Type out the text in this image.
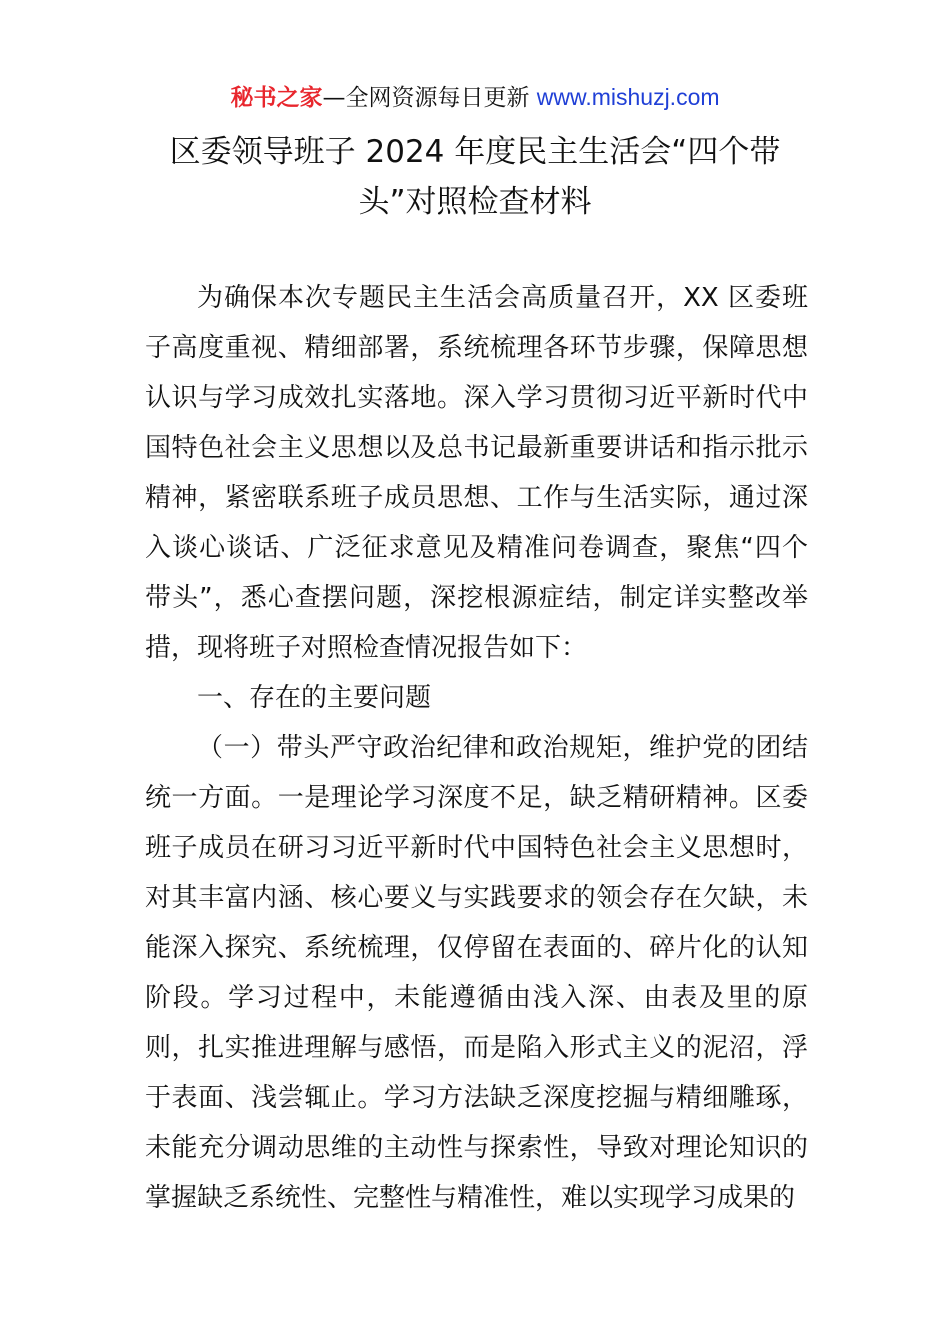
秘书之家—全网资源每日更新 www.mishuzj.com
区委领导班子 2024 年度民主生活会“四个带
头”对照检查材料

为确保本次专题民主生活会高质量召开，XX 区委班子高度重视、精细部署，系统梳理各环节步骤，保障思想认识与学习成效扎实落地。深入学习贯彻习近平新时代中国特色社会主义思想以及总书记最新重要讲话和指示批示精神，紧密联系班子成员思想、工作与生活实际，通过深入谈心谈话、广泛征求意见及精准问卷调查，聚焦“四个带头”，悉心查摆问题，深挖根源症结，制定详实整改举措，现将班子对照检查情况报告如下：

一、存在的主要问题

（一）带头严守政治纪律和政治规矩，维护党的团结统一方面。一是理论学习深度不足，缺乏精研精神。区委班子成员在研习习近平新时代中国特色社会主义思想时，对其丰富内涵、核心要义与实践要求的领会存在欠缺，未能深入探究、系统梳理，仅停留在表面的、碎片化的认知阶段。学习过程中，未能遵循由浅入深、由表及里的原则，扎实推进理解与感悟，而是陷入形式主义的泥沼，浮于表面、浅尝辄止。学习方法缺乏深度挖掘与精细雕琢，未能充分调动思维的主动性与探索性，导致对理论知识的掌握缺乏系统性、完整性与精准性，难以实现学习成果的
